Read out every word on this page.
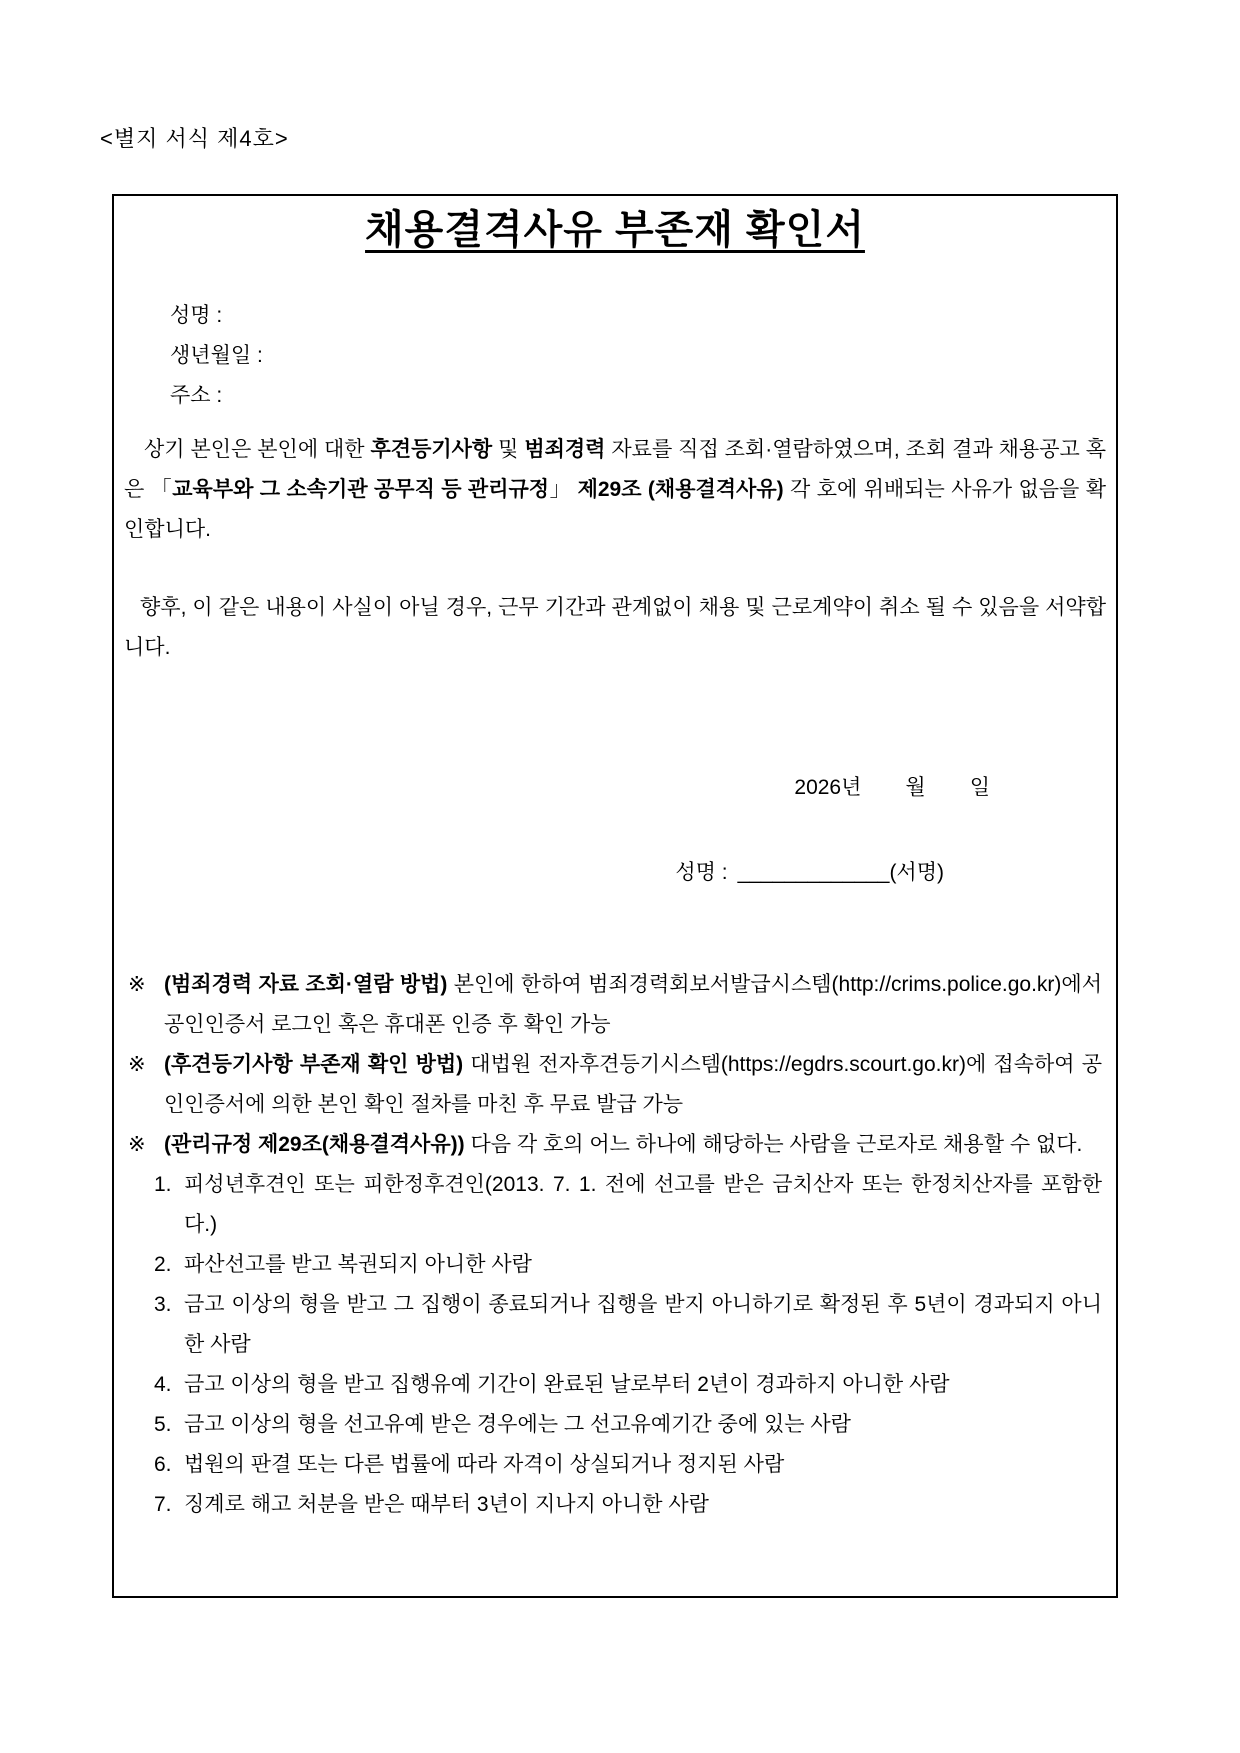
<별지 서식 제4호>
채용결격사유 부존재 확인서

성명 :

생년월일 :

주소 :

상기 본인은 본인에 대한 후견등기사항 및 범죄경력 자료를 직접 조회·열람하였으며, 조회 결과 채용공고 혹은 「교육부와 그 소속기관 공무직 등 관리규정」 제29조 (채용결격사유) 각 호에 위배되는 사유가 없음을 확인합니다.

향후, 이 같은 내용이 사실이 아닐 경우, 근무 기간과 관계없이 채용 및 근로계약이 취소 될 수 있음을 서약합니다.

2026년 월 일
성명 : _____________(서명)

※ (범죄경력 자료 조회·열람 방법) 본인에 한하여 범죄경력회보서발급시스템(http://crims.police.go.kr)에서 공인인증서 로그인 혹은 휴대폰 인증 후 확인 가능

※ (후견등기사항 부존재 확인 방법) 대법원 전자후견등기시스템(https://egdrs.scourt.go.kr)에 접속하여 공인인증서에 의한 본인 확인 절차를 마친 후 무료 발급 가능

※ (관리규정 제29조(채용결격사유)) 다음 각 호의 어느 하나에 해당하는 사람을 근로자로 채용할 수 없다.

1. 피성년후견인 또는 피한정후견인(2013. 7. 1. 전에 선고를 받은 금치산자 또는 한정치산자를 포함한다.)

2. 파산선고를 받고 복권되지 아니한 사람

3. 금고 이상의 형을 받고 그 집행이 종료되거나 집행을 받지 아니하기로 확정된 후 5년이 경과되지 아니한 사람

4. 금고 이상의 형을 받고 집행유예 기간이 완료된 날로부터 2년이 경과하지 아니한 사람

5. 금고 이상의 형을 선고유예 받은 경우에는 그 선고유예기간 중에 있는 사람

6. 법원의 판결 또는 다른 법률에 따라 자격이 상실되거나 정지된 사람

7. 징계로 해고 처분을 받은 때부터 3년이 지나지 아니한 사람
